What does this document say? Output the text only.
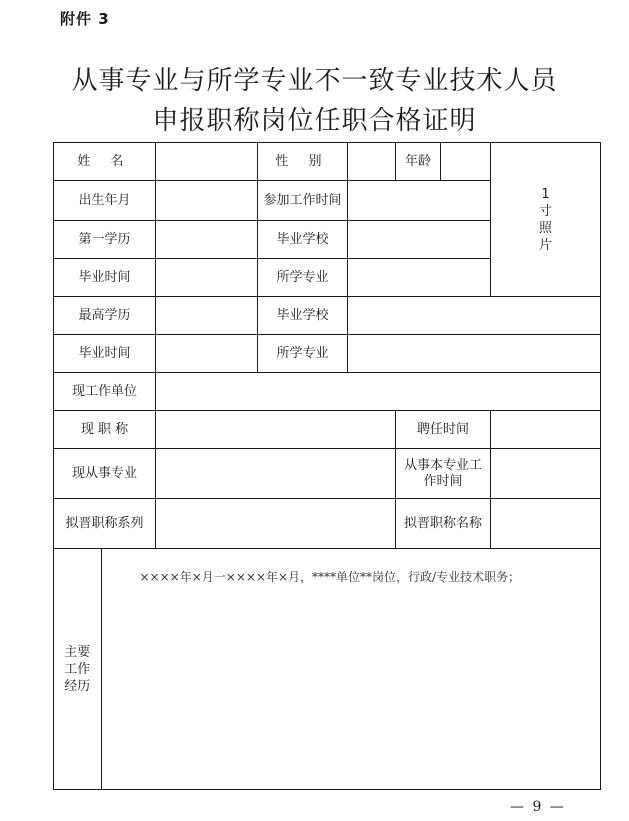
附件 3
从事专业与所学专业不一致专业技术人员
申报职称岗位任职合格证明
姓 名		性 别		年龄		1寸照片
出生年月		参加工作时间	
第一学历		毕业学校	
毕业时间		所学专业	
最高学历		毕业学校	
毕业时间		所学专业	
现工作单位	
现 职 称		聘任时间	
现从事专业		从事本专业工作时间	
拟晋职称系列		拟晋职称名称	

主要工作经历	
××××年×月一××××年×月，****单位**岗位，行政/专业技术职务；
— 9 —
